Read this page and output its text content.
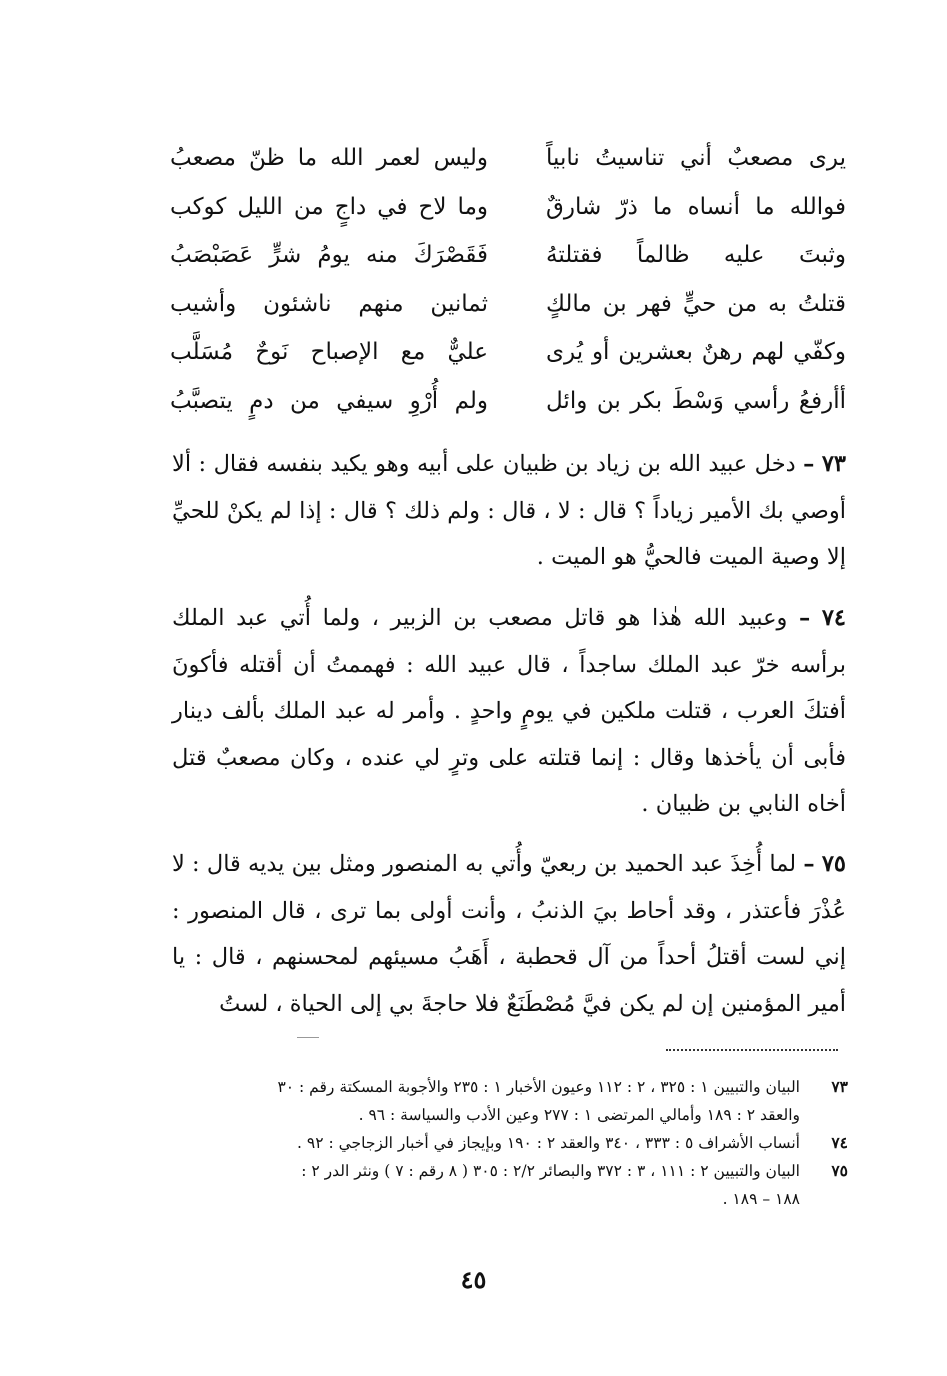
يرى مصعبٌ أني تناسيتُ نابياً
وليس لعمر الله ما ظنّ مصعبُ
فوالله ما أنساه ما ذرّ شارقٌ
وما لاح في داجٍ من الليل كوكب
وثبتَ عليه ظالماً فقتلتهُ
فَقَصْرَكَ منه يومُ شرٍّ عَصَبْصَبُ
قتلتُ به من حيٍّ فهر بن مالكٍ
ثمانين منهم ناشئون وأشيب
وكفّي لهم رهنٌ بعشرين أو يُرى
عليٌّ مع الإصباح نَوحٌ مُسَلَّب
أأرفعُ رأسي وَسْطَ بكر بن وائل
ولم أُرْوِ سيفي من دمٍ يتصبَّبُ

٧٣ – دخل عبيد الله بن زياد بن ظبيان على أبيه وهو يكيد بنفسه فقال : ألا أوصي بك الأمير زياداً ؟ قال : لا ، قال : ولم ذلك ؟ قال : إذا لم يكنْ للحيِّ إلا وصية الميت فالحيُّ هو الميت .

٧٤ – وعبيد الله هٰذا هو قاتل مصعب بن الزبير ، ولما أُتي عبد الملك برأسه خرّ عبد الملك ساجداً ، قال عبيد الله : فهممتُ أن أقتله فأكونَ أفتكَ العرب ، قتلت ملكين في يومٍ واحدٍ . وأمر له عبد الملك بألف دينار فأبى أن يأخذها وقال : إنما قتلته على وترٍ لي عنده ، وكان مصعبٌ قتل أخاه النابي بن ظبيان .

٧٥ – لما أُخِذَ عبد الحميد بن ربعيّ وأُتي به المنصور ومثل بين يديه قال : لا عُذْرَ فأعتذر ، وقد أحاط بيَ الذنبُ ، وأنت أولى بما ترى ، قال المنصور : إني لست أقتلُ أحداً من آل قحطبة ، أَهَبُ مسيئهم لمحسنهم ، قال : يا أمير المؤمنين إن لم يكن فيَّ مُصْطَنَعٌ فلا حاجةَ بي إلى الحياة ، لستُ

٧٣
البيان والتبيين ١ : ٣٢٥ ، ٢ : ١١٢ وعيون الأخبار ١ : ٢٣٥ والأجوبة المسكتة رقم : ٣٠
والعقد ٢ : ١٨٩ وأمالي المرتضى ١ : ٢٧٧ وعين الأدب والسياسة : ٩٦ .
٧٤
أنساب الأشراف ٥ : ٣٣٣ ، ٣٤٠ والعقد ٢ : ١٩٠ وبإيجاز في أخبار الزجاجي : ٩٢ .
٧٥
البيان والتبيين ٢ : ١١١ ، ٣ : ٣٧٢ والبصائر ٢/٢ : ٣٠٥ ( ٨ رقم : ٧ ) ونثر الدر ٢ :
١٨٨ – ١٨٩ .
٤٥
